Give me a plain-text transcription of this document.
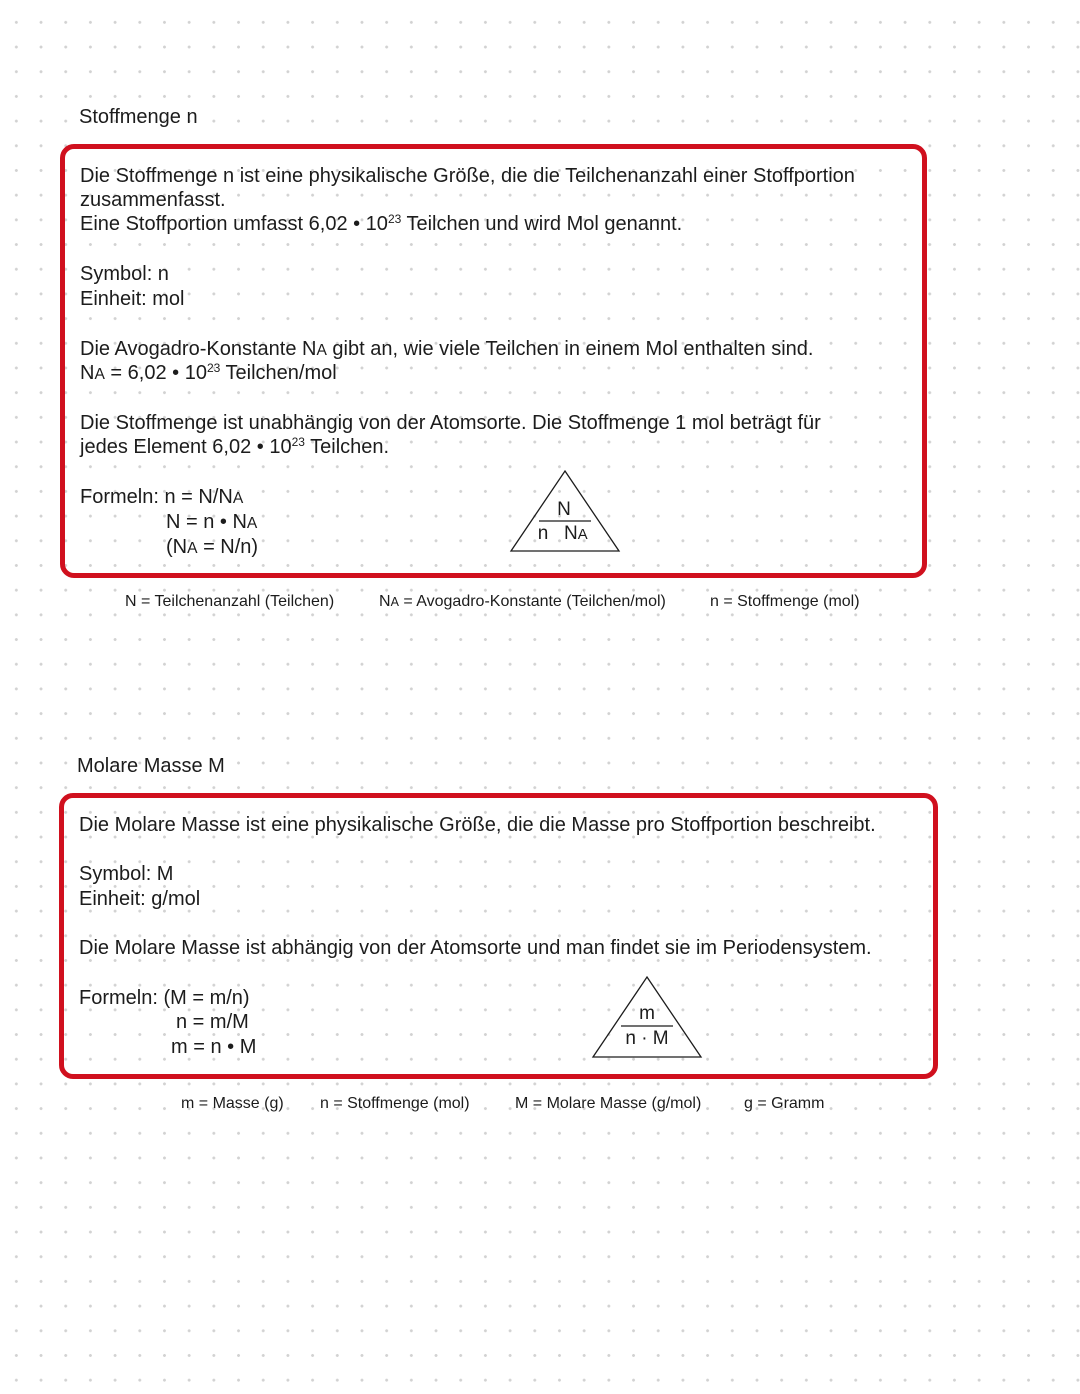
Stoffmenge n
Die Stoffmenge n ist eine physikalische Größe, die die Teilchenanzahl einer Stoffportion
zusammenfasst.
Eine Stoffportion umfasst 6,02 • $10^{23}$ Teilchen und wird Mol genannt.
Symbol: n
Einheit: mol
Die Avogadro-Konstante NA gibt an, wie viele Teilchen in einem Mol enthalten sind.
NA = 6,02 • $10^{23}$ Teilchen/mol
Die Stoffmenge ist unabhängig von der Atomsorte. Die Stoffmenge 1 mol beträgt für
jedes Element 6,02 • $10^{23}$ Teilchen.
Formeln: n = N/NA
N = n • NA
(NA = N/n)
N
n NA
N = Teilchenanzahl (Teilchen)	NA = Avogadro-Konstante (Teilchen/mol)	n = Stoffmenge (mol)
Molare Masse M
Die Molare Masse ist eine physikalische Größe, die die Masse pro Stoffportion beschreibt.
Symbol: M
Einheit: g/mol
Die Molare Masse ist abhängig von der Atomsorte und man findet sie im Periodensystem.
Formeln: (M = m/n)
n = m/M
m = n • M
m
n · M
m = Masse (g) n = Stoffmenge (mol)	M = Molare Masse (g/mol)	g = Gramm
